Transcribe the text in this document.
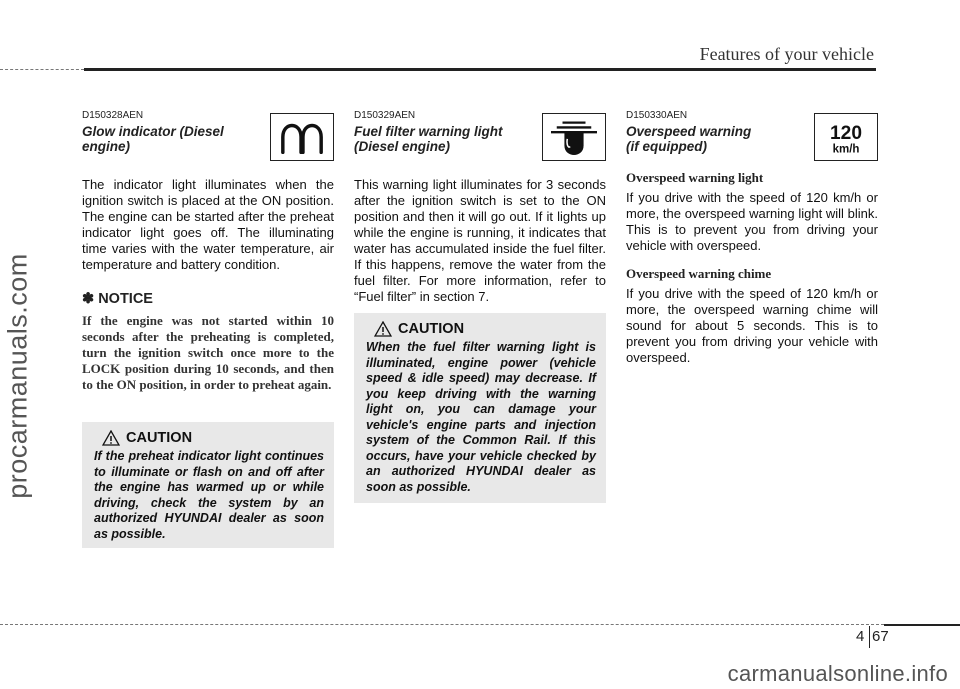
Features of your vehicle
procarmanuals.com
D150328AEN
Glow indicator (Diesel
engine)
The indicator light illuminates when the ignition switch is placed at the ON position. The engine can be started after the preheat indicator light goes off. The illuminating time varies with the water temperature, air temperature and battery condition.
✽ NOTICE
If the engine was not started within 10 seconds after the preheating is completed, turn the ignition switch once more to the LOCK position during 10 seconds, and then to the ON position, in order to preheat again.
CAUTION
If the preheat indicator light continues to illuminate or flash on and off after the engine has warmed up or while driving, check the system by an authorized HYUNDAI dealer as soon as possible.
D150329AEN
Fuel filter warning light
(Diesel engine)
This warning light illuminates for 3 seconds after the ignition switch is set to the ON position and then it will go out. If it lights up while the engine is running, it indicates that water has accumulated inside the fuel filter. If this happens, remove the water from the fuel filter. For more information, refer to “Fuel filter” in section 7.
CAUTION
When the fuel filter warning light is illuminated, engine power (vehicle speed & idle speed) may decrease. If you keep driving with the warning light on, you can damage your vehicle's engine parts and injection system of the Common Rail. If this occurs, have your vehicle checked by an authorized HYUNDAI dealer as soon as possible.
D150330AEN
Overspeed warning
(if equipped)
120
km/h
Overspeed warning light
If you drive with the speed of 120 km/h or more, the overspeed warning light will blink. This is to prevent you from driving your vehicle with overspeed.
Overspeed warning chime
If you drive with the speed of 120 km/h or more, the overspeed warning chime will sound for about 5 seconds. This is to prevent you from driving your vehicle with overspeed.
4 67
carmanualsonline.info
